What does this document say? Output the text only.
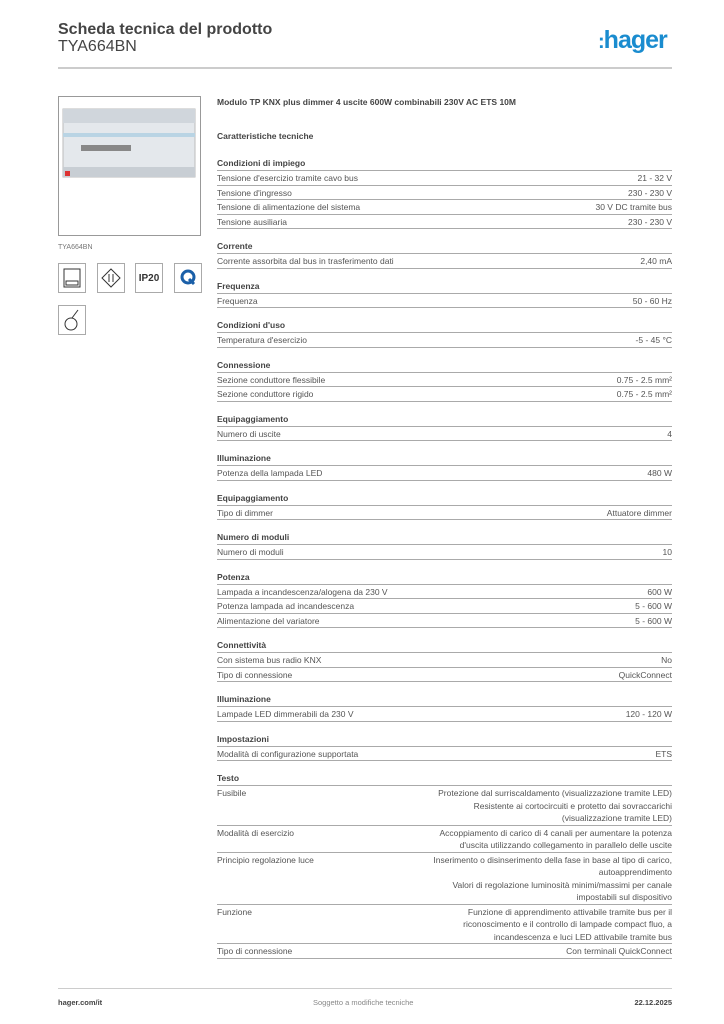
Scheda tecnica del prodotto
TYA664BN	:hager
TYA664BN
IP20
Modulo TP KNX plus dimmer 4 uscite 600W combinabili 230V AC ETS 10M
Caratteristiche tecniche
Condizioni di impiego
Tensione d'esercizio tramite cavo bus	21 - 32 V
Tensione d'ingresso	230 - 230 V
Tensione di alimentazione del sistema	30 V DC tramite bus
Tensione ausiliaria	230 - 230 V
Corrente
Corrente assorbita dal bus in trasferimento dati	2,40 mA
Frequenza
Frequenza	50 - 60 Hz
Condizioni d'uso
Temperatura d'esercizio	-5 - 45 °C
Connessione
Sezione conduttore flessibile	0.75 - 2.5 mm²
Sezione conduttore rigido	0.75 - 2.5 mm²
Equipaggiamento
Numero di uscite	4
Illuminazione
Potenza della lampada LED	480 W
Equipaggiamento
Tipo di dimmer	Attuatore dimmer
Numero di moduli
Numero di moduli	10
Potenza
Lampada a incandescenza/alogena da 230 V	600 W
Potenza lampada ad incandescenza	5 - 600 W
Alimentazione del variatore	5 - 600 W
Connettività
Con sistema bus radio KNX	No
Tipo di connessione	QuickConnect
Illuminazione
Lampade LED dimmerabili da 230 V	120 - 120 W
Impostazioni
Modalità di configurazione supportata	ETS
Testo
Fusibile	Protezione dal surriscaldamento (visualizzazione tramite LED)
Resistente ai cortocircuiti e protetto dai sovraccarichi (visualizzazione tramite LED)
Modalità di esercizio	Accoppiamento di carico di 4 canali per aumentare la potenza d'uscita utilizzando collegamento in parallelo delle uscite
Principio regolazione luce	Inserimento o disinserimento della fase in base al tipo di carico, autoapprendimento
Valori di regolazione luminosità minimi/massimi per canale impostabili sul dispositivo
Funzione	Funzione di apprendimento attivabile tramite bus per il riconoscimento e il controllo di lampade compact fluo, a incandescenza e luci LED attivabile tramite bus
Tipo di connessione	Con terminali QuickConnect
hager.com/it	Soggetto a modifiche tecniche	22.12.2025
